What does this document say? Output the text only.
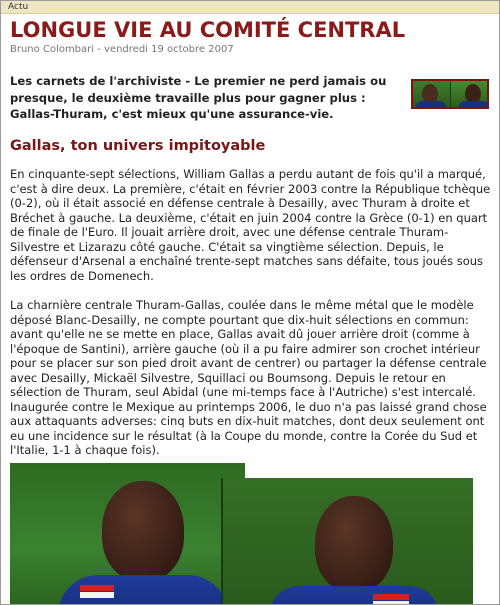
Actu
LONGUE VIE AU COMITÉ CENTRAL
Bruno Colombari - vendredi 19 octobre 2007
Les carnets de l'archiviste - Le premier ne perd jamais ou presque, le deuxième travaille plus pour gagner plus : Gallas-Thuram, c'est mieux qu'une assurance-vie.
Gallas, ton univers impitoyable

En cinquante-sept sélections, William Gallas a perdu autant de fois qu'il a marqué, c'est à dire deux. La première, c'était en février 2003 contre la République tchèque (0-2), où il était associé en défense centrale à Desailly, avec Thuram à droite et Bréchet à gauche. La deuxième, c'était en juin 2004 contre la Grèce (0-1) en quart de finale de l'Euro. Il jouait arrière droit, avec une défense centrale Thuram-Silvestre et Lizarazu côté gauche. C'était sa vingtième sélection. Depuis, le défenseur d'Arsenal a enchaîné trente-sept matches sans défaite, tous joués sous les ordres de Domenech.

La charnière centrale Thuram-Gallas, coulée dans le même métal que le modèle déposé Blanc-Desailly, ne compte pourtant que dix-huit sélections en commun: avant qu'elle ne se mette en place, Gallas avait dû jouer arrière droit (comme à l'époque de Santini), arrière gauche (où il a pu faire admirer son crochet intérieur pour se placer sur son pied droit avant de centrer) ou partager la défense centrale avec Desailly, Mickaël Silvestre, Squillaci ou Boumsong. Depuis le retour en sélection de Thuram, seul Abidal (une mi-temps face à l'Autriche) s'est intercalé. Inaugurée contre le Mexique au printemps 2006, le duo n'a pas laissé grand chose aux attaquants adverses: cinq buts en dix-huit matches, dont deux seulement ont eu une incidence sur le résultat (à la Coupe du monde, contre la Corée du Sud et l'Italie, 1-1 à chaque fois).
